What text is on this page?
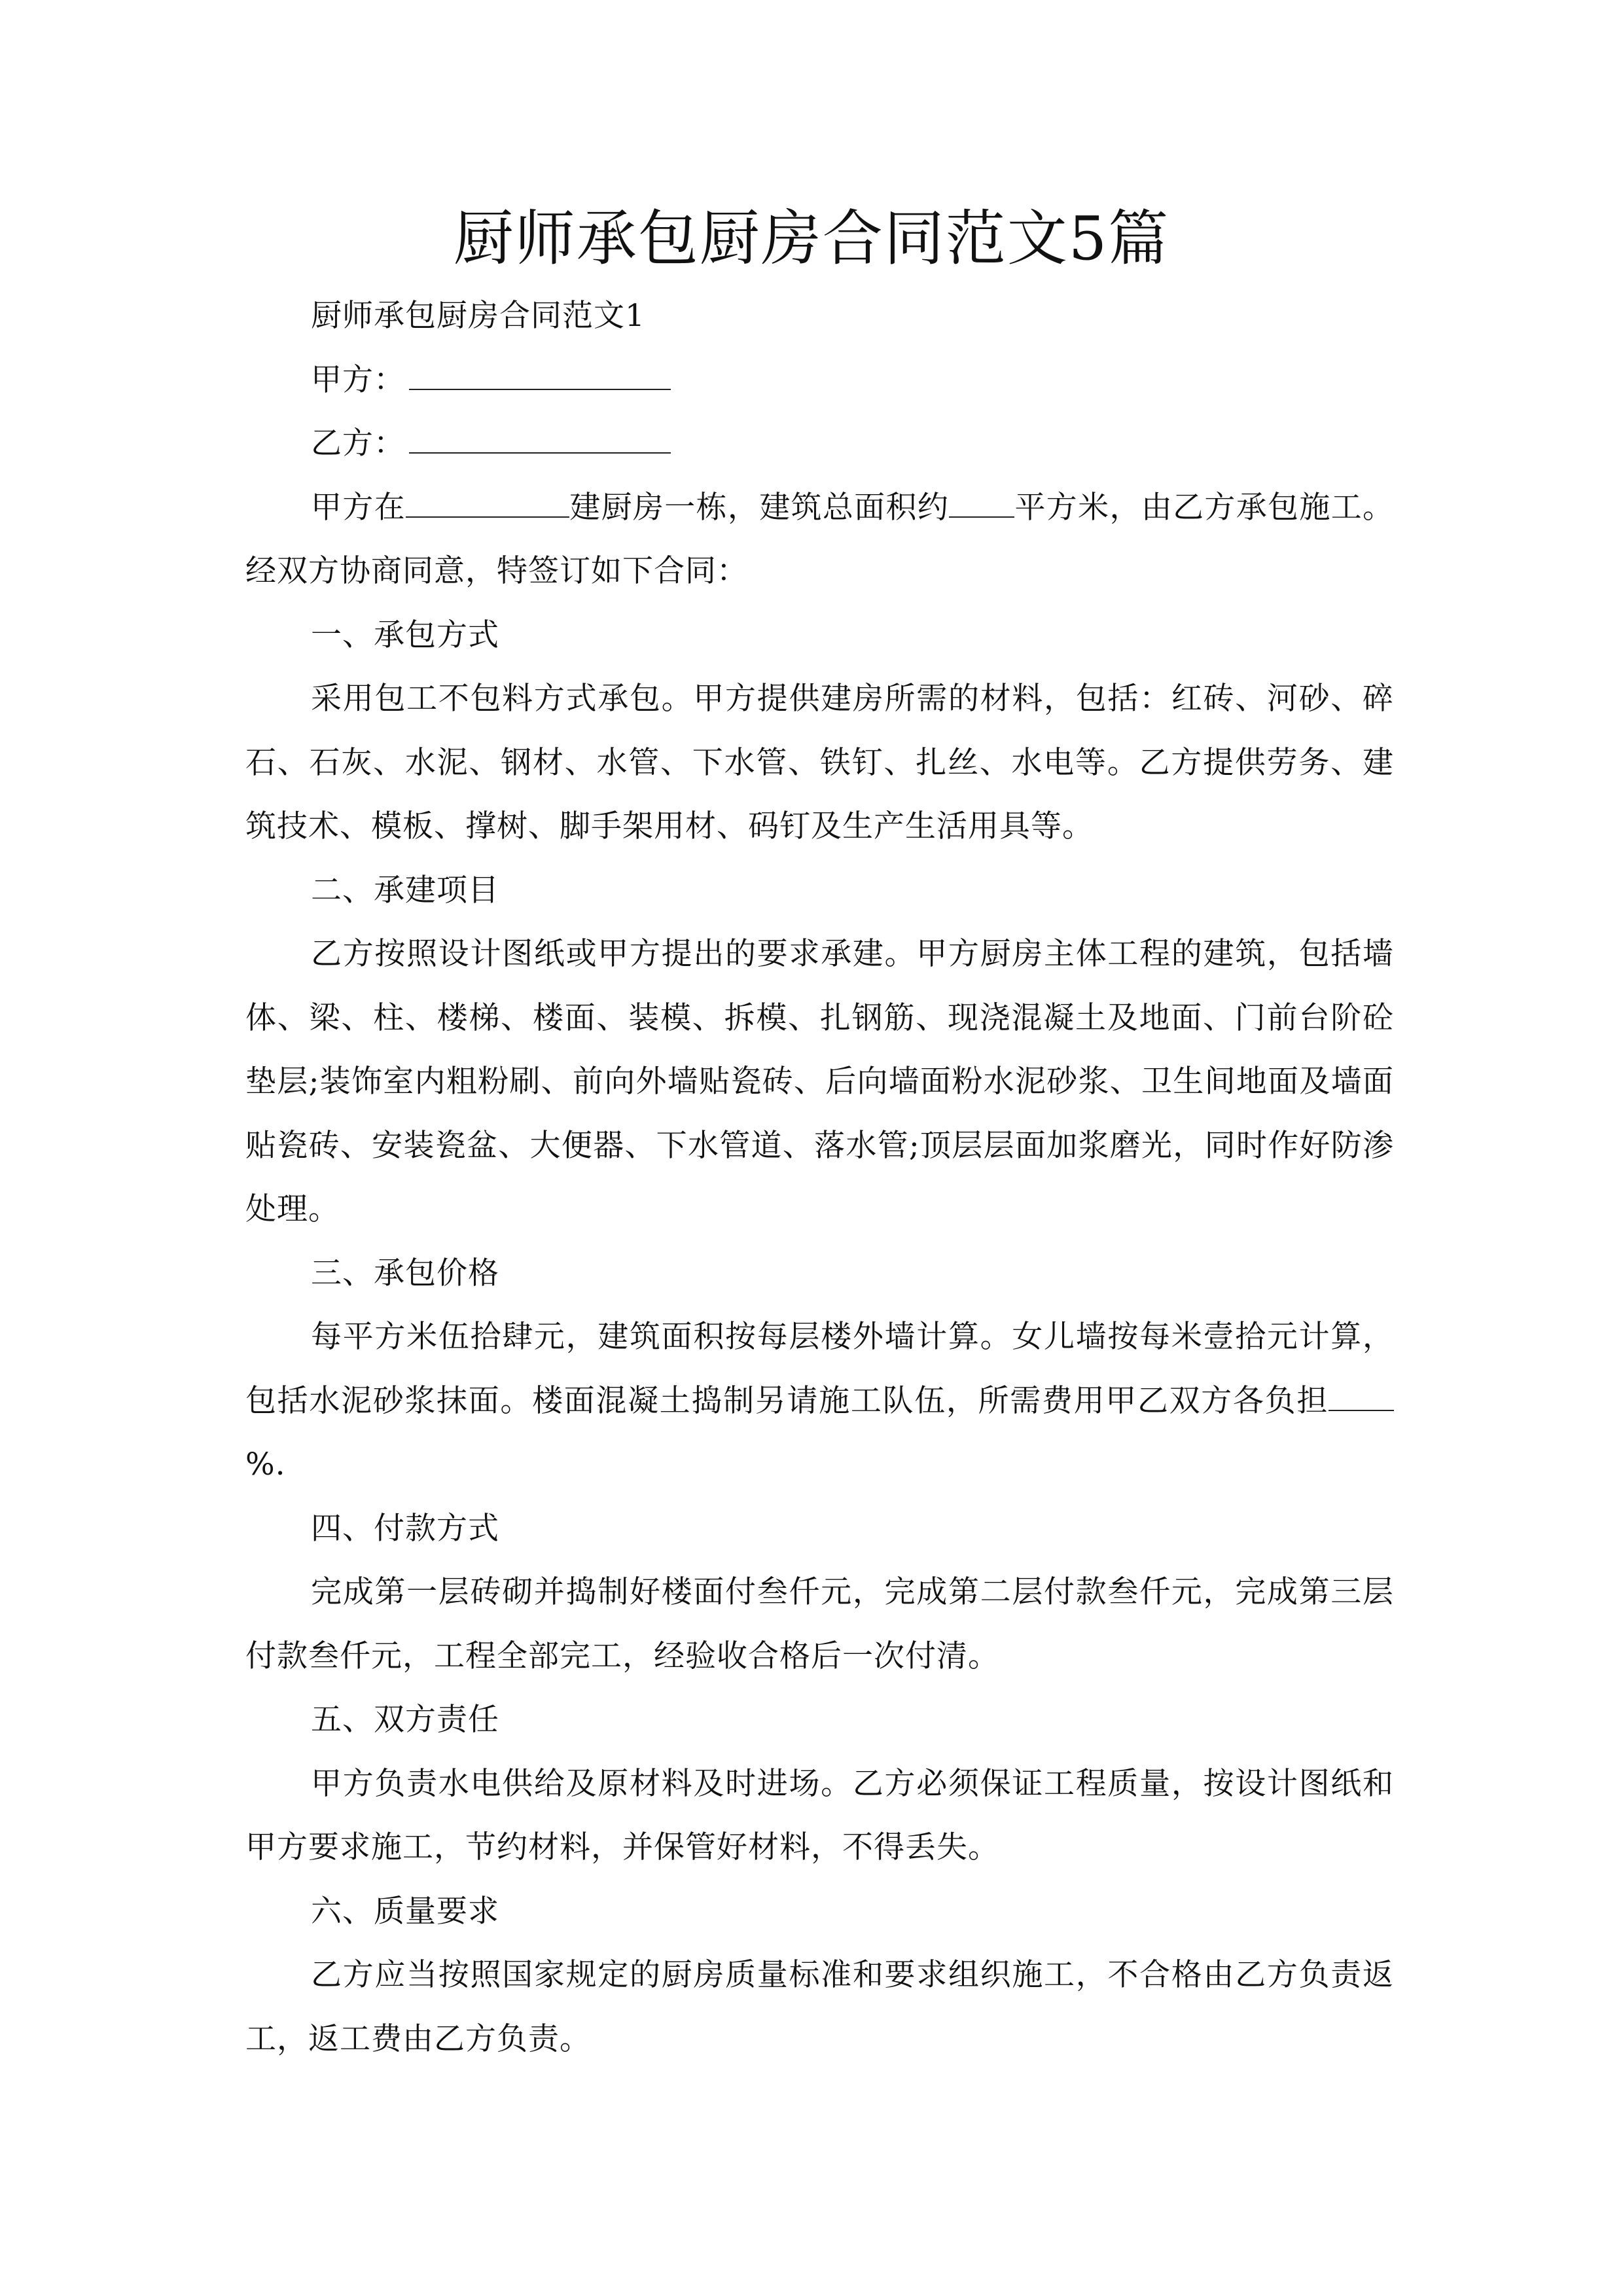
厨师承包厨房合同范文5篇

厨师承包厨房合同范文1

甲方：

乙方：

甲方在	建厨房一栋，建筑总面积约 平方米，由乙方承包施工。经双方协商同意，特签订如下合同：

一、承包方式

采用包工不包料方式承包。甲方提供建房所需的材料，包括：红砖、河砂、碎石、石灰、水泥、钢材、水管、下水管、铁钉、扎丝、水电等。乙方提供劳务、建筑技术、模板、撑树、脚手架用材、码钉及生产生活用具等。

二、承建项目

乙方按照设计图纸或甲方提出的要求承建。甲方厨房主体工程的建筑，包括墙体、梁、柱、楼梯、楼面、装模、拆模、扎钢筋、现浇混凝土及地面、门前台阶砼垫层;装饰室内粗粉刷、前向外墙贴瓷砖、后向墙面粉水泥砂浆、卫生间地面及墙面贴瓷砖、安装瓷盆、大便器、下水管道、落水管;顶层层面加浆磨光，同时作好防渗处理。

三、承包价格

每平方米伍拾肆元，建筑面积按每层楼外墙计算。女儿墙按每米壹拾元计算，包括水泥砂浆抹面。楼面混凝土捣制另请施工队伍，所需费用甲乙双方各负担%.

四、付款方式

完成第一层砖砌并捣制好楼面付叁仟元，完成第二层付款叁仟元，完成第三层付款叁仟元，工程全部完工，经验收合格后一次付清。

五、双方责任

甲方负责水电供给及原材料及时进场。乙方必须保证工程质量，按设计图纸和甲方要求施工，节约材料，并保管好材料，不得丢失。

六、质量要求

乙方应当按照国家规定的厨房质量标准和要求组织施工，不合格由乙方负责返工，返工费由乙方负责。
